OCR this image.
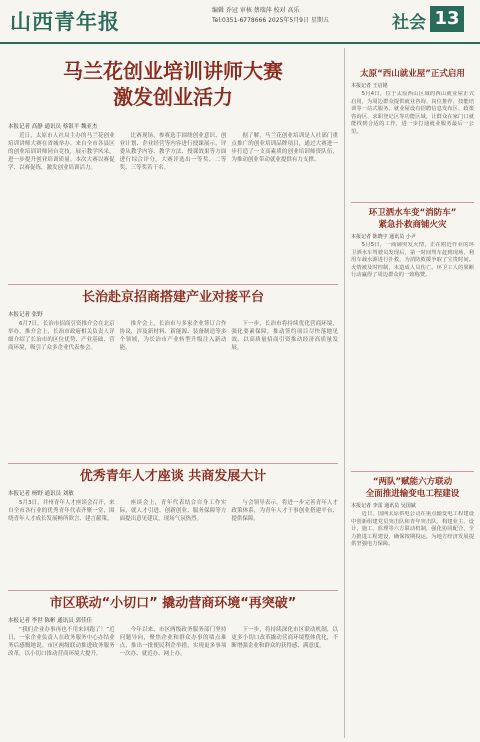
山西青年报	编辑 乔冠 审核 蔡瑞萍 校对 高乐
Tel:0351-6778666 2025年5月9日 星期五	社会 13
马兰花创业培训讲师大赛
激发创业活力
本报记者 高静 通讯员 蔡银平 魏亚杰

近日，太原市人社局主办的马兰花创业培训讲师大赛在省城举办。来自全市各县区的创业培训讲师同台竞技，展示教学风采，进一步提升创业培训质量。本次大赛以赛促学、以赛促练，激发创业培训活力。

比赛现场，参赛选手围绕创业意识、创业计划、企业经营等内容进行授课展示，评委从教学内容、教学方法、授课效果等方面进行综合评分。大赛评选出一等奖、二等奖、三等奖若干名。

据了解，马兰花创业培训是人社部门重点推广的创业培训品牌项目，通过大赛进一步打造了一支高素质的创业培训师资队伍，为推动创业带动就业提供有力支撑。

长治赴京招商搭建产业对接平台
本报记者 张野

6月7日，长治市招商引资推介会在北京举办，推介会上，长治市政府相关负责人详细介绍了长治市的区位优势、产业基础、营商环境，吸引了众多企业代表参会。

推介会上，长治市与多家企业签订合作协议，涉及新材料、新能源、装备制造等多个领域，为长治市产业转型升级注入新动能。

下一步，长治市将持续优化营商环境，强化要素保障，推动签约项目尽快落地见效，以高质量招商引资推动经济高质量发展。

优秀青年人才座谈 共商发展大计
本报记者 杨野 通讯员 刘敏

5月3日，并州青年人才座谈会召开，来自全市各行业的优秀青年代表齐聚一堂，围绕青年人才成长发展畅所欲言、建言献策。

座谈会上，青年代表结合自身工作实际，就人才引进、创新创业、服务保障等方面提出意见建议，现场气氛热烈。

与会领导表示，将进一步完善青年人才政策体系，为青年人才干事创业搭建平台、提供保障。

市区联动“小切口” 撬动营商环境“再突破”
本报记者 李世 陈彬 通讯员 郭佳佳

“我们企业办事再也不用来回跑了！”近日，一家企业负责人在政务服务中心办结业务后感慨地说。市区两级联动推进政务服务改革，以小切口推动营商环境大提升。

今年以来，市区两级政务服务部门坚持问题导向，聚焦企业和群众办事的堵点难点，推出一批便民利企举措，实现更多事项一次办、就近办、网上办。

下一步，将持续深化市区联动机制，以更多小切口改革撬动营商环境整体优化，不断增强企业和群众的获得感、满意度。

太原“西山就业屋”正式启用
本报记者 王启铭

5月4日，位于太原西山区域的西山就业屋正式启用，为周边群众提供就业咨询、岗位推荐、技能培训等一站式服务。就业屋设有招聘信息发布区、政策咨询区、求职登记区等功能区域，让群众在家门口就能找到合适的工作，进一步打通就业服务最后一公里。

环卫洒水车变“消防车”
紧急扑救商铺火灾
本报记者 陈晓宇 通讯员 小尹

5月5日，一商铺突发火情，正在附近作业的环卫洒水车驾驶员发现后，第一时间驾车赶到现场，利用车载水源进行扑救，为消防救援争取了宝贵时间。火情被及时控制，未造成人员伤亡。环卫工人的果断行动赢得了周边群众的一致称赞。

“两队”赋能六方联动
全面推进输变电工程建设
本报记者 李雷 通讯员 吴国斌

近日，国网太原供电公司在重点输变电工程建设中创新组建党员突击队和青年突击队，构建业主、设计、施工、监理等六方联动机制，强化协同配合，全力推进工程建设，确保按期投运，为地方经济发展提供坚强电力保障。
